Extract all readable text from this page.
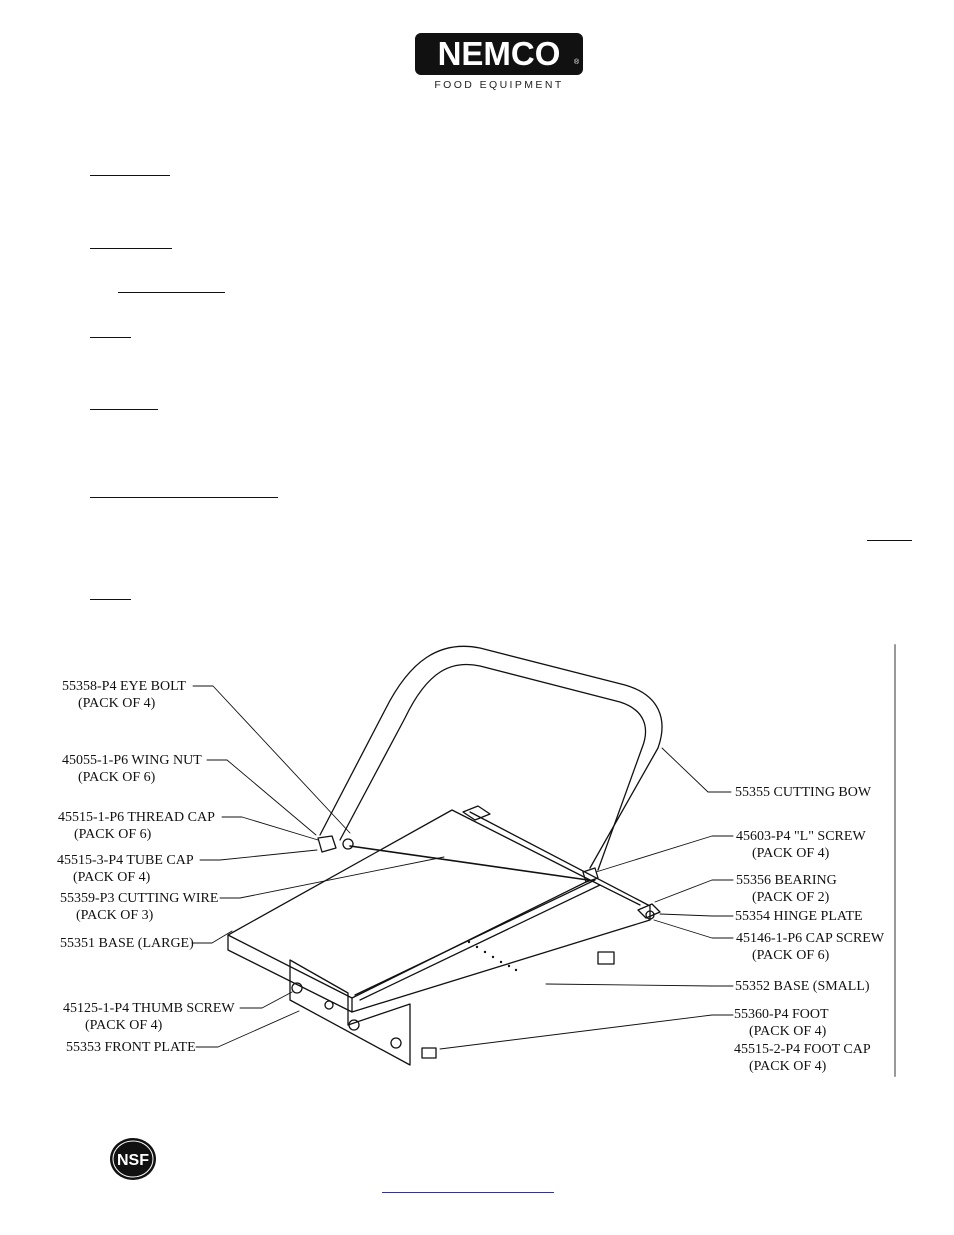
NEMCO	®
FOOD EQUIPMENT
55358-P4 EYE BOLT
(PACK OF 4)
45055-1-P6 WING NUT
(PACK OF 6)
45515-1-P6 THREAD CAP
(PACK OF 6)
45515-3-P4 TUBE CAP
(PACK OF 4)
55359-P3 CUTTING WIRE
(PACK OF 3)
55351 BASE (LARGE)
45125-1-P4 THUMB SCREW
(PACK OF 4)
55353 FRONT PLATE
55355 CUTTING BOW
45603-P4 "L" SCREW
(PACK OF 4)
55356 BEARING
(PACK OF 2)
55354 HINGE PLATE
45146-1-P6 CAP SCREW
(PACK OF 6)
55352 BASE (SMALL)
55360-P4 FOOT
(PACK OF 4)
45515-2-P4 FOOT CAP
(PACK OF 4)
NSF
